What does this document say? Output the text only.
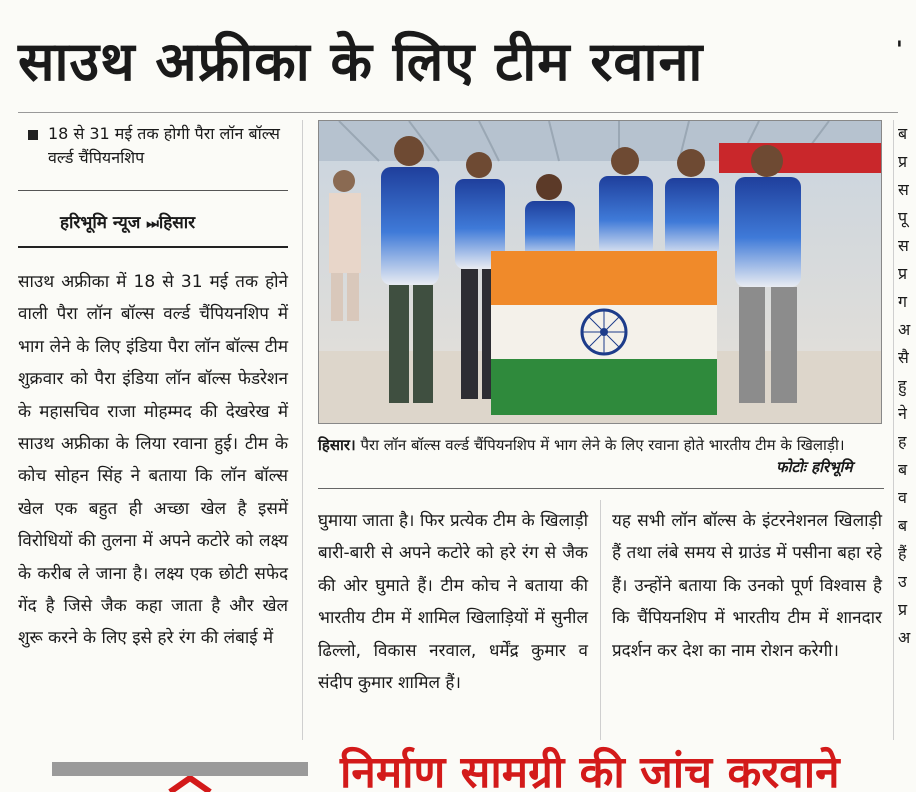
साउथ अफ्रीका के लिए टीम रवाना	'
18 से 31 मई तक होगी पैरा लॉन बॉल्स वर्ल्ड चैंपियनशिप
हरिभूमि न्यूज ⏭हिसार
साउथ अफ्रीका में 18 से 31 मई तक होने वाली पैरा लॉन बॉल्स वर्ल्ड चैंपियनशिप में भाग लेने के लिए इंडिया पैरा लॉन बॉल्स टीम शुक्रवार को पैरा इंडिया लॉन बॉल्स फेडरेशन के महासचिव राजा मोहम्मद की देखरेख में साउथ अफ्रीका के लिया रवाना हुई। टीम के कोच सोहन सिंह ने बताया कि लॉन बॉल्स खेल एक बहुत ही अच्छा खेल है इसमें विरोधियों की तुलना में अपने कटोरे को लक्ष्य के करीब ले जाना है। लक्ष्य एक छोटी सफेद गेंद है जिसे जैक कहा जाता है और खेल शुरू करने के लिए इसे हरे रंग की लंबाई में
हिसार। पैरा लॉन बॉल्स वर्ल्ड चैंपियनशिप में भाग लेने के लिए रवाना होते भारतीय टीम के खिलाड़ी।
फोटोः हरिभूमि
घुमाया जाता है। फिर प्रत्येक टीम के खिलाड़ी बारी-बारी से अपने कटोरे को हरे रंग से जैक की ओर घुमाते हैं। टीम कोच ने बताया की भारतीय टीम में शामिल खिलाड़ियों में सुनील ढिल्लो, विकास नरवाल, धर्मेंद्र कुमार व संदीप कुमार शामिल हैं।
यह सभी लॉन बॉल्स के इंटरनेशनल खिलाड़ी हैं तथा लंबे समय से ग्राउंड में पसीना बहा रहे हैं। उन्होंने बताया कि उनको पूर्ण विश्वास है कि चैंपियनशिप में भारतीय टीम में शानदार प्रदर्शन कर देश का नाम रोशन करेगी।
ब प्र स पू स प्र ग अ सै हु ने ह ब व ब हैं उ प्र अ
निर्माण सामग्री की जांच करवाने
